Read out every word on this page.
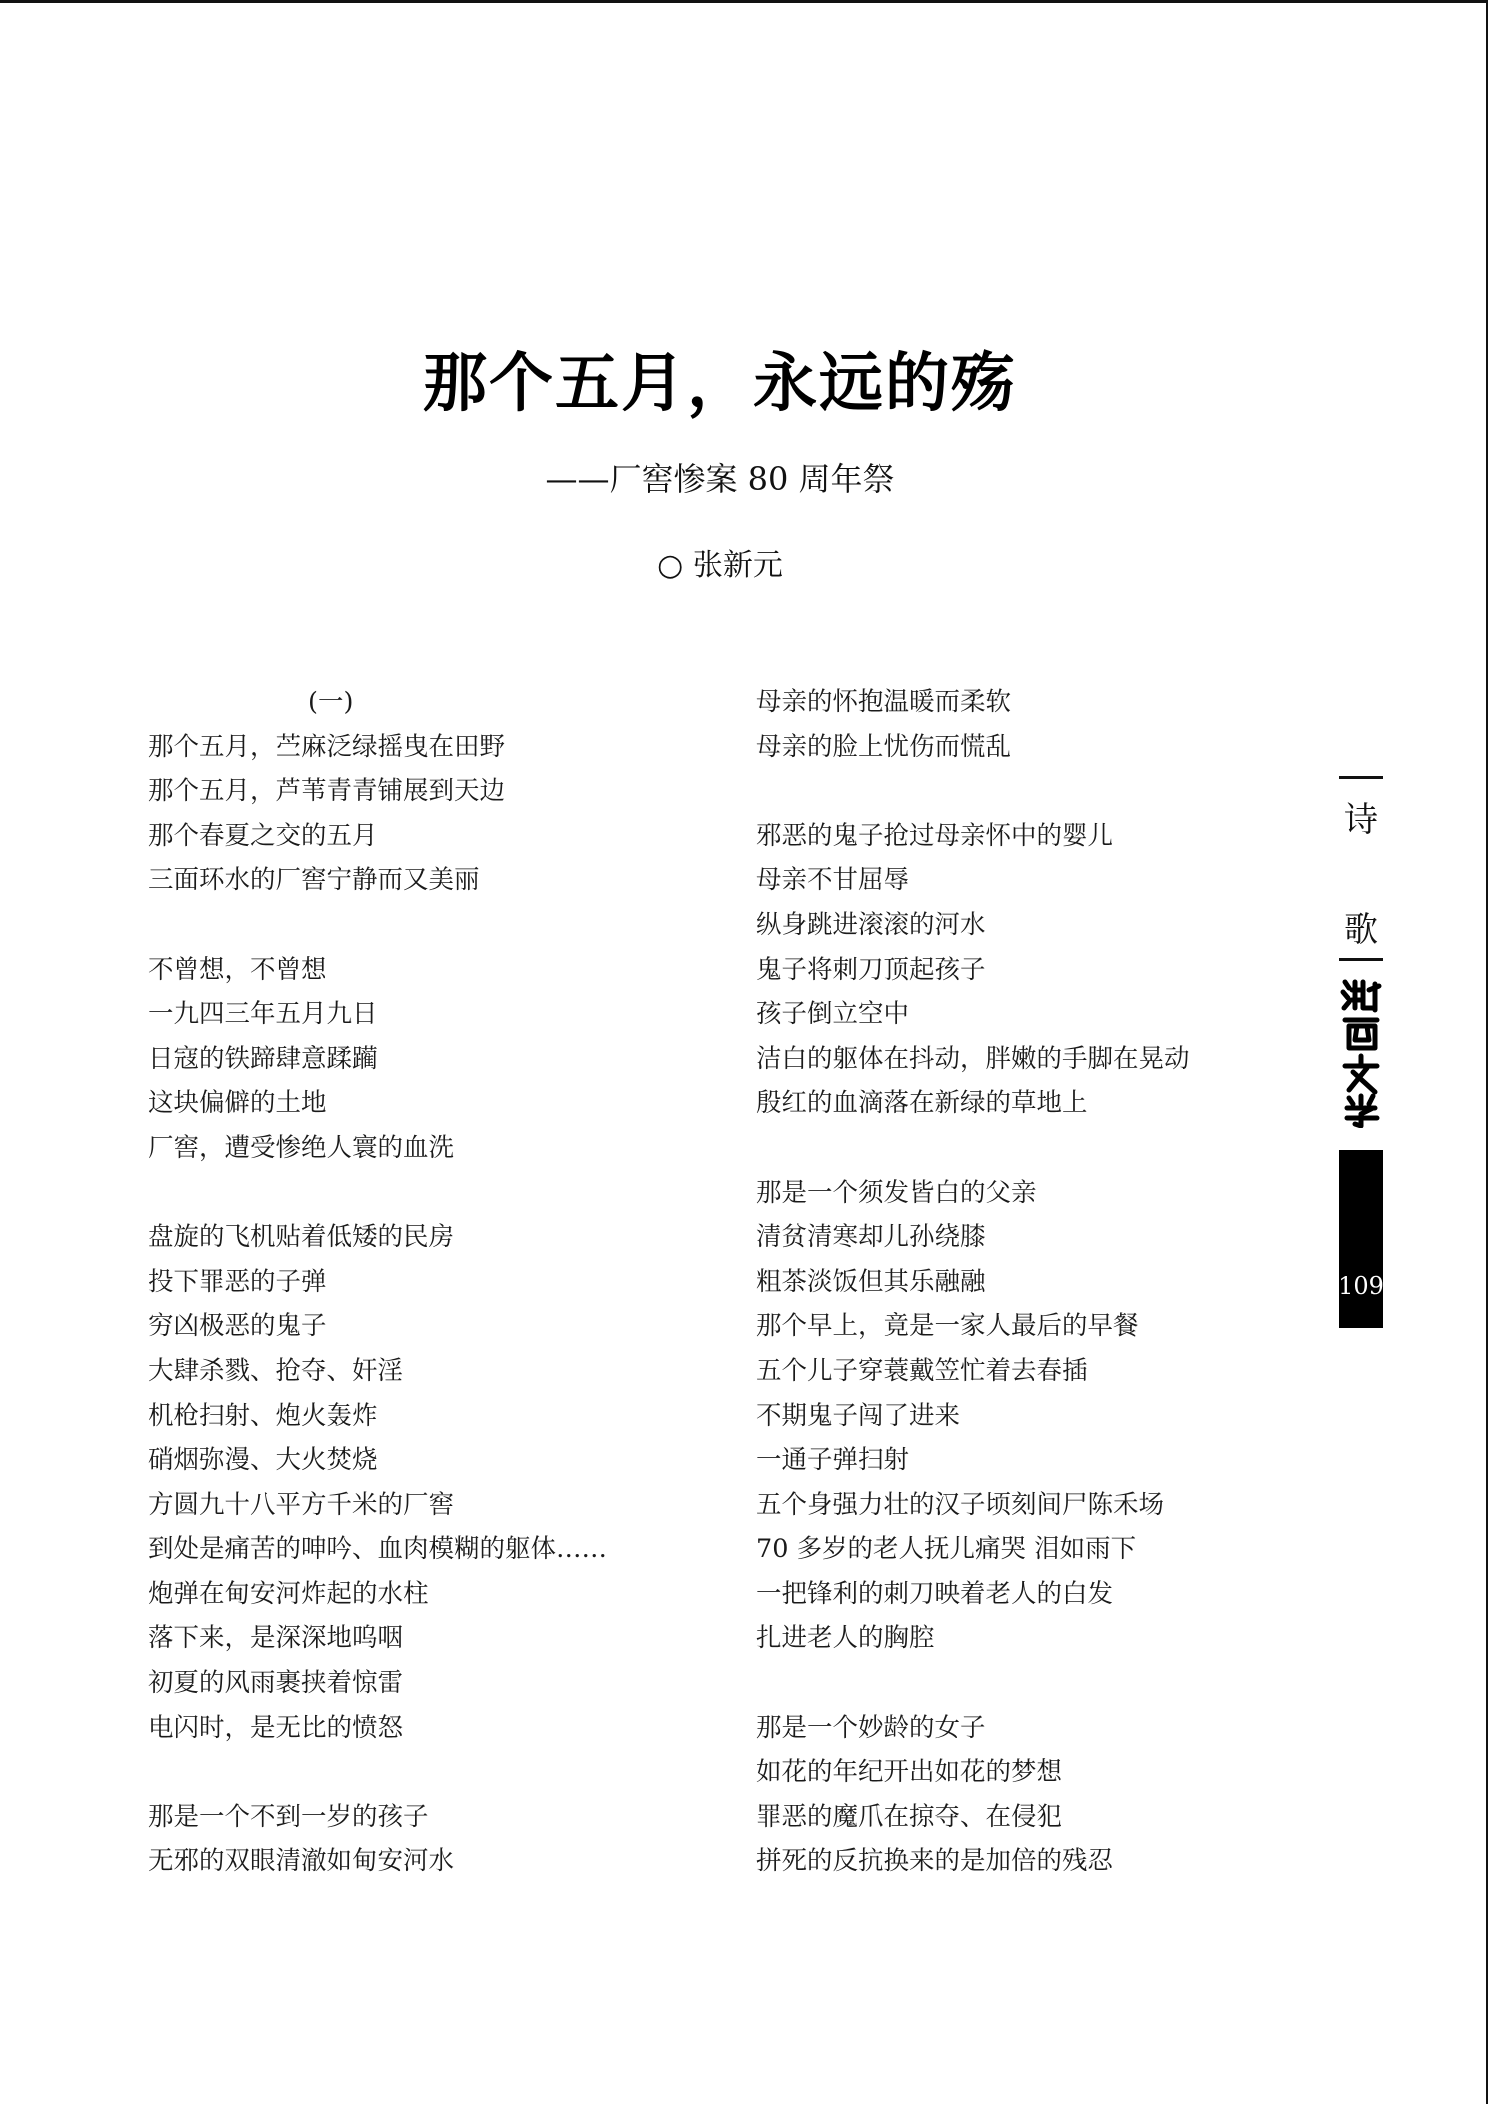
那个五月，永远的殇
——厂窖惨案 80 周年祭
○ 张新元
(一)
那个五月，苎麻泛绿摇曳在田野
那个五月，芦苇青青铺展到天边
那个春夏之交的五月
三面环水的厂窖宁静而又美丽
不曾想，不曾想
一九四三年五月九日
日寇的铁蹄肆意蹂躏
这块偏僻的土地
厂窖，遭受惨绝人寰的血洗
盘旋的飞机贴着低矮的民房
投下罪恶的子弹
穷凶极恶的鬼子
大肆杀戮、抢夺、奸淫
机枪扫射、炮火轰炸
硝烟弥漫、大火焚烧
方圆九十八平方千米的厂窖
到处是痛苦的呻吟、血肉模糊的躯体……
炮弹在甸安河炸起的水柱
落下来，是深深地呜咽
初夏的风雨裹挟着惊雷
电闪时，是无比的愤怒
那是一个不到一岁的孩子
无邪的双眼清澈如甸安河水
母亲的怀抱温暖而柔软
母亲的脸上忧伤而慌乱
邪恶的鬼子抢过母亲怀中的婴儿
母亲不甘屈辱
纵身跳进滚滚的河水
鬼子将刺刀顶起孩子
孩子倒立空中
洁白的躯体在抖动，胖嫩的手脚在晃动
殷红的血滴落在新绿的草地上
那是一个须发皆白的父亲
清贫清寒却儿孙绕膝
粗茶淡饭但其乐融融
那个早上，竟是一家人最后的早餐
五个儿子穿蓑戴笠忙着去春插
不期鬼子闯了进来
一通子弹扫射
五个身强力壮的汉子顷刻间尸陈禾场
70 多岁的老人抚儿痛哭 泪如雨下
一把锋利的刺刀映着老人的白发
扎进老人的胸腔
那是一个妙龄的女子
如花的年纪开出如花的梦想
罪恶的魔爪在掠夺、在侵犯
拼死的反抗换来的是加倍的残忍
诗
歌
109
